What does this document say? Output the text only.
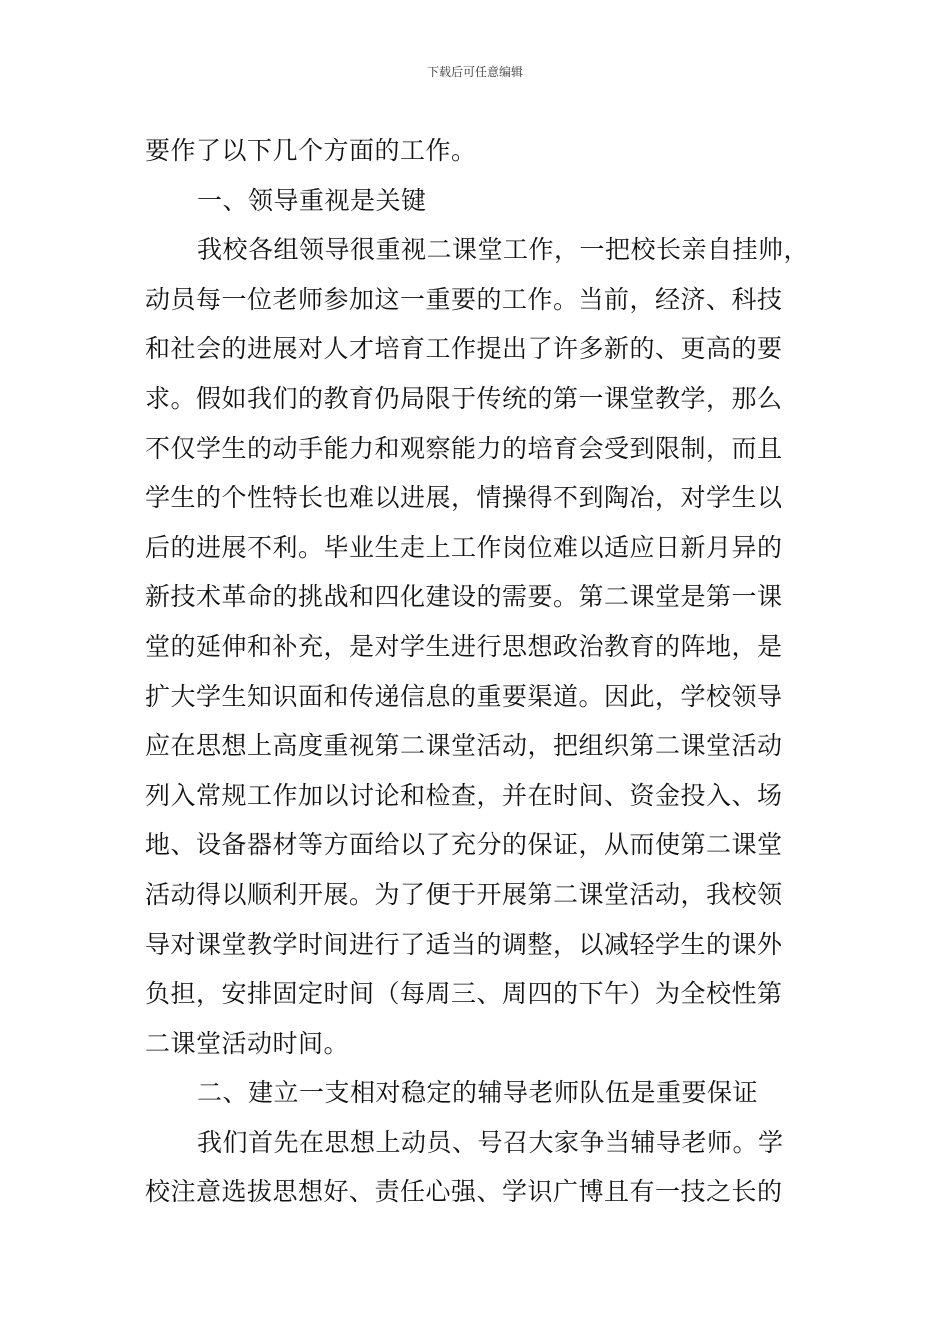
下载后可任意编辑
要作了以下几个方面的工作。
一、领导重视是关键
我校各组领导很重视二课堂工作，一把校长亲自挂帅，
动员每一位老师参加这一重要的工作。当前，经济、科技
和社会的进展对人才培育工作提出了许多新的、更高的要
求。假如我们的教育仍局限于传统的第一课堂教学，那么
不仅学生的动手能力和观察能力的培育会受到限制，而且
学生的个性特长也难以进展，情操得不到陶冶，对学生以
后的进展不利。毕业生走上工作岗位难以适应日新月异的
新技术革命的挑战和四化建设的需要。第二课堂是第一课
堂的延伸和补充，是对学生进行思想政治教育的阵地，是
扩大学生知识面和传递信息的重要渠道。因此，学校领导
应在思想上高度重视第二课堂活动，把组织第二课堂活动
列入常规工作加以讨论和检查，并在时间、资金投入、场
地、设备器材等方面给以了充分的保证，从而使第二课堂
活动得以顺利开展。为了便于开展第二课堂活动，我校领
导对课堂教学时间进行了适当的调整，以减轻学生的课外
负担，安排固定时间（每周三、周四的下午）为全校性第
二课堂活动时间。
二、建立一支相对稳定的辅导老师队伍是重要保证
我们首先在思想上动员、号召大家争当辅导老师。学
校注意选拔思想好、责任心强、学识广博且有一技之长的
